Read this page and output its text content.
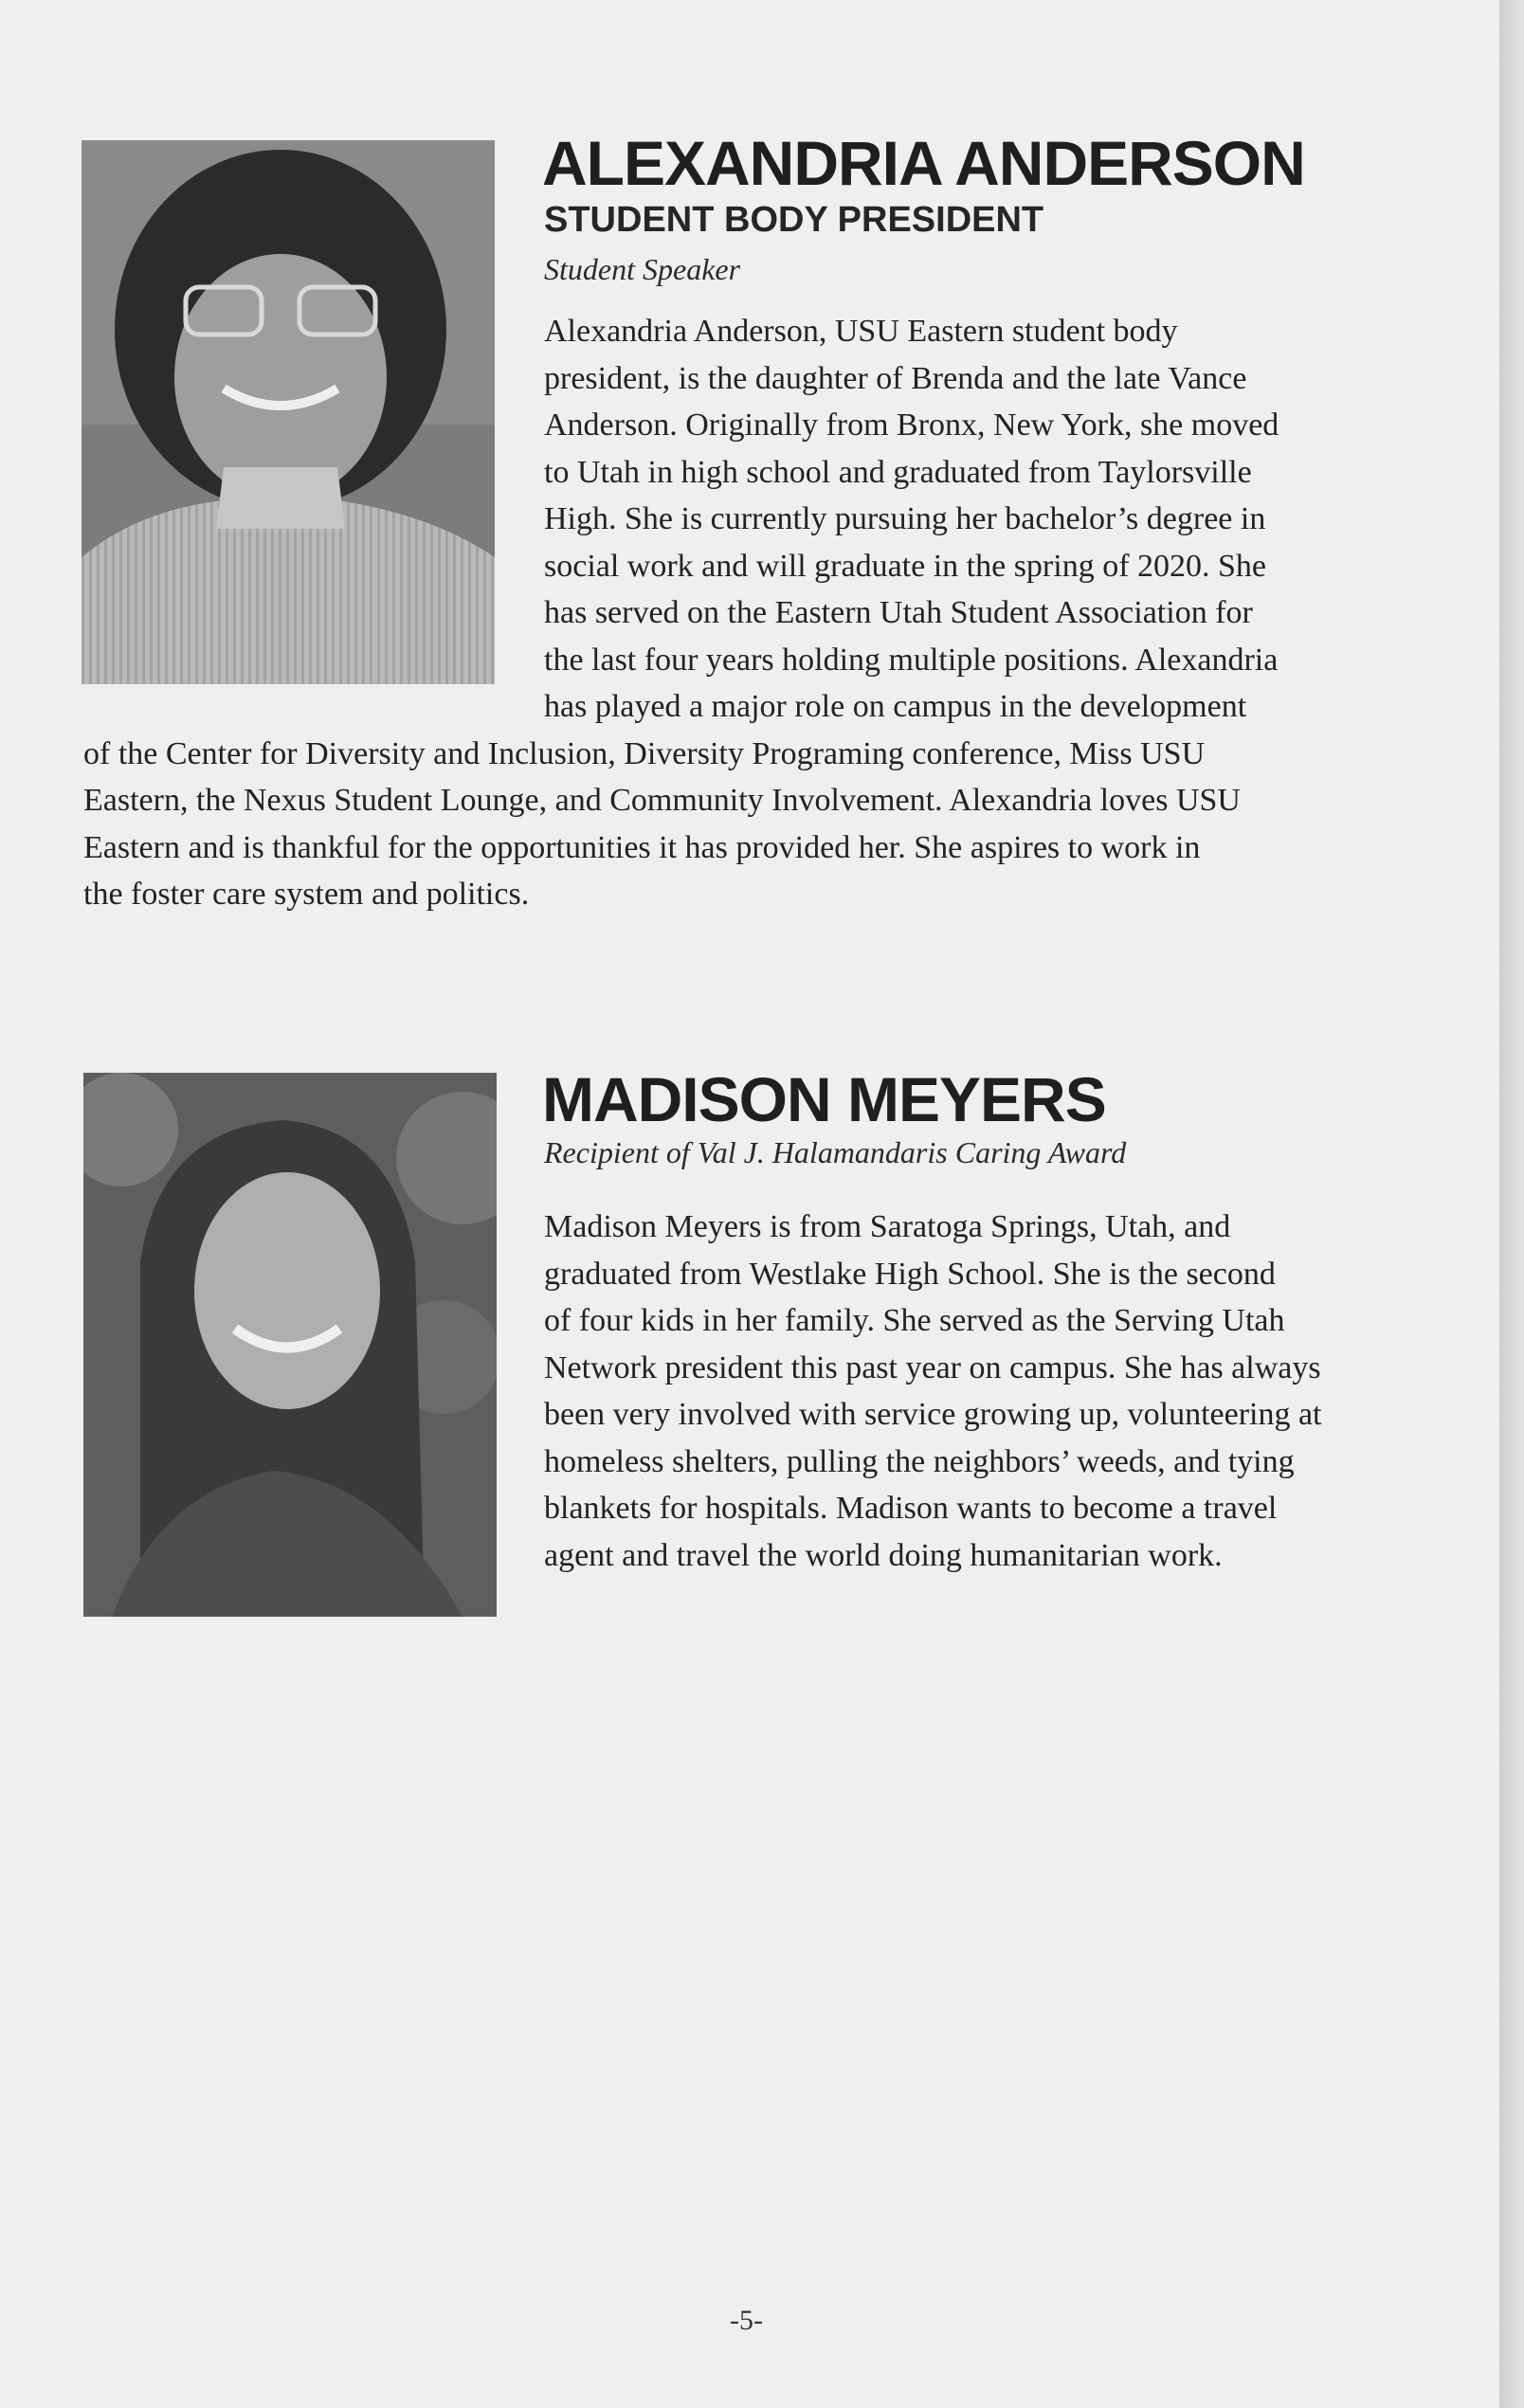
ALEXANDRIA ANDERSON
STUDENT BODY PRESIDENT

Student Speaker

Alexandria Anderson, USU Eastern student body
president, is the daughter of Brenda and the late Vance
Anderson. Originally from Bronx, New York, she moved
to Utah in high school and graduated from Taylorsville
High. She is currently pursuing her bachelor’s degree in
social work and will graduate in the spring of 2020. She
has served on the Eastern Utah Student Association for
the last four years holding multiple positions. Alexandria
has played a major role on campus in the development
of the Center for Diversity and Inclusion, Diversity Programing conference, Miss USU
Eastern, the Nexus Student Lounge, and Community Involvement. Alexandria loves USU
Eastern and is thankful for the opportunities it has provided her. She aspires to work in
the foster care system and politics.
MADISON MEYERS

Recipient of Val J. Halamandaris Caring Award

Madison Meyers is from Saratoga Springs, Utah, and
graduated from Westlake High School. She is the second
of four kids in her family. She served as the Serving Utah
Network president this past year on campus. She has always
been very involved with service growing up, volunteering at
homeless shelters, pulling the neighbors’ weeds, and tying
blankets for hospitals. Madison wants to become a travel
agent and travel the world doing humanitarian work.
-5-
